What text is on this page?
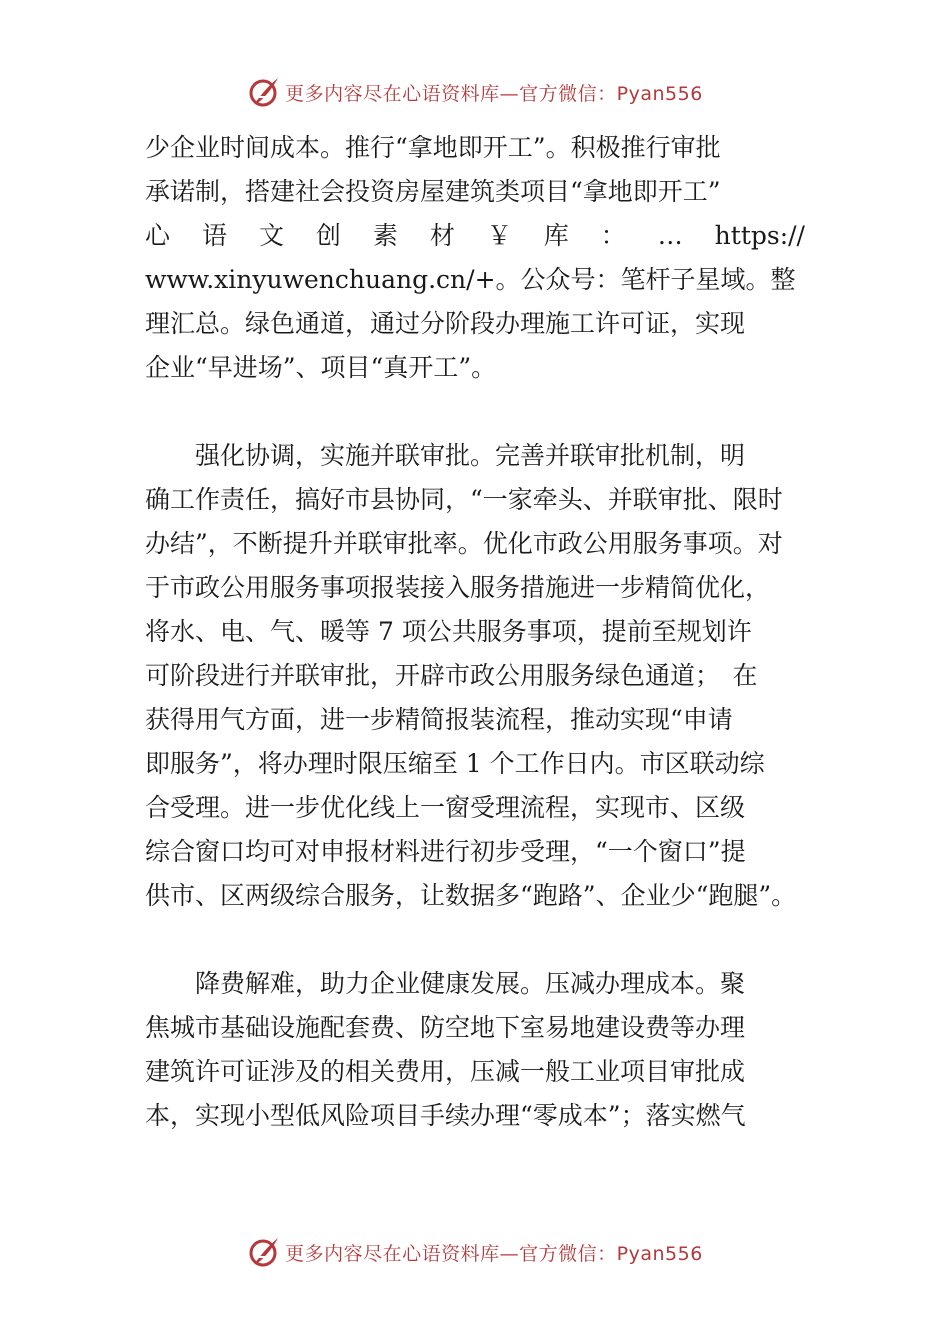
更多内容尽在心语资料库—官方微信：Pyan556

少企业时间成本。推行“拿地即开工”。积极推行审批
承诺制，搭建社会投资房屋建筑类项目“拿地即开工”
心 语 文 创 素 材 ￥ 库 ： … https://
www.xinyuwenchuang.cn/+。公众号：笔杆子星域。整
理汇总。绿色通道，通过分阶段办理施工许可证，实现
企业“早进场”、项目“真开工”。

　　强化协调，实施并联审批。完善并联审批机制，明
确工作责任，搞好市县协同，“一家牵头、并联审批、限时
办结”，不断提升并联审批率。优化市政公用服务事项。对
于市政公用服务事项报装接入服务措施进一步精简优化，
将水、电、气、暖等 7 项公共服务事项，提前至规划许
可阶段进行并联审批，开辟市政公用服务绿色通道；　在
获得用气方面，进一步精简报装流程，推动实现“申请
即服务”，将办理时限压缩至 1 个工作日内。市区联动综
合受理。进一步优化线上一窗受理流程，实现市、区级
综合窗口均可对申报材料进行初步受理，“一个窗口”提
供市、区两级综合服务，让数据多“跑路”、企业少“跑腿”。

　　降费解难，助力企业健康发展。压减办理成本。聚
焦城市基础设施配套费、防空地下室易地建设费等办理
建筑许可证涉及的相关费用，压减一般工业项目审批成
本，实现小型低风险项目手续办理“零成本”；落实燃气

更多内容尽在心语资料库—官方微信：Pyan556
